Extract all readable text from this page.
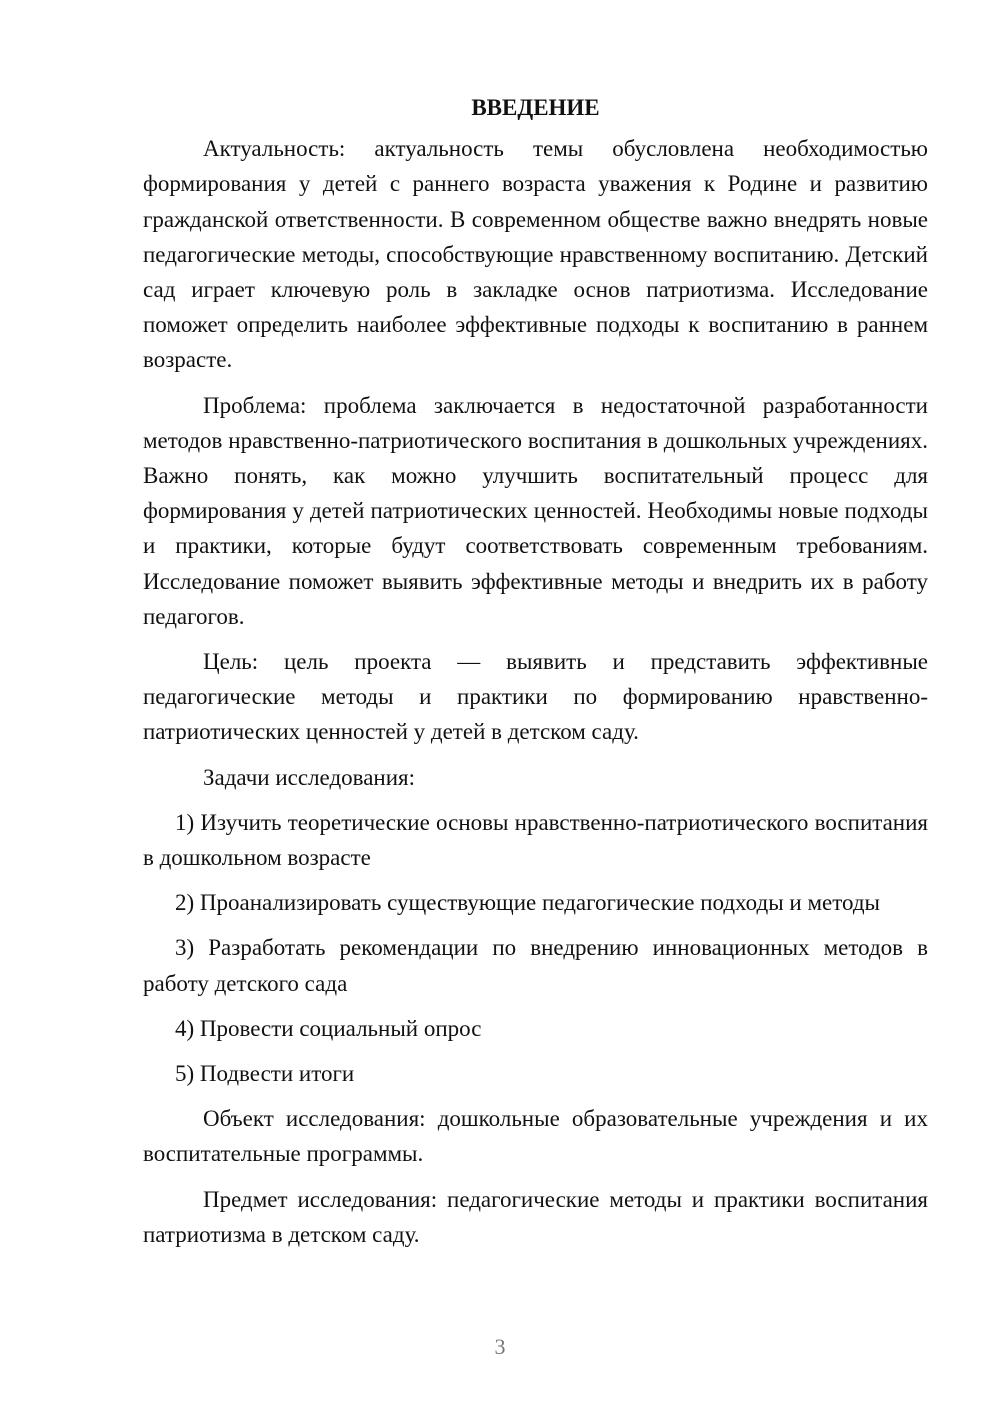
ВВЕДЕНИЕ

Актуальность: актуальность темы обусловлена необходимостью формирования у детей с раннего возраста уважения к Родине и развитию гражданской ответственности. В современном обществе важно внедрять новые педагогические методы, способствующие нравственному воспитанию. Детский сад играет ключевую роль в закладке основ патриотизма. Исследование поможет определить наиболее эффективные подходы к воспитанию в раннем возрасте.

Проблема: проблема заключается в недостаточной разработанности методов нравственно-патриотического воспитания в дошкольных учреждениях. Важно понять, как можно улучшить воспитательный процесс для формирования у детей патриотических ценностей. Необходимы новые подходы и практики, которые будут соответствовать современным требованиям. Исследование поможет выявить эффективные методы и внедрить их в работу педагогов.

Цель: цель проекта — выявить и представить эффективные педагогические методы и практики по формированию нравственно-патриотических ценностей у детей в детском саду.

Задачи исследования:

1) Изучить теоретические основы нравственно-патриотического воспитания в дошкольном возрасте

2) Проанализировать существующие педагогические подходы и методы

3) Разработать рекомендации по внедрению инновационных методов в работу детского сада

4) Провести социальный опрос

5) Подвести итоги

Объект исследования: дошкольные образовательные учреждения и их воспитательные программы.

Предмет исследования: педагогические методы и практики воспитания патриотизма в детском саду.

3
